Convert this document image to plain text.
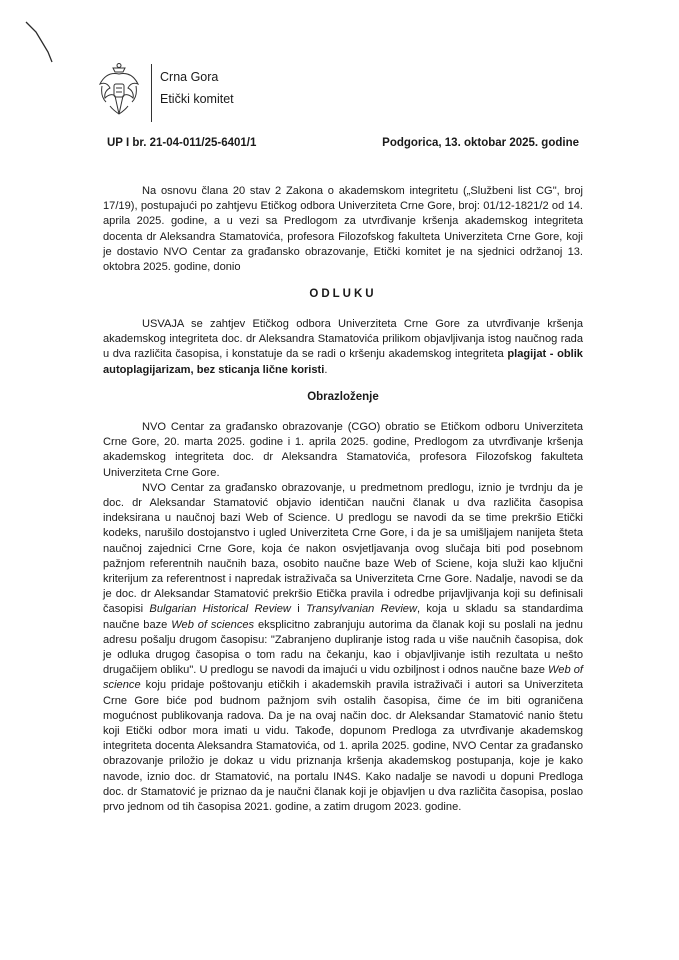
Crna Gora
Etički komitet
UP I br. 21-04-011/25-6401/1	Podgorica, 13. oktobar 2025. godine

Na osnovu člana 20 stav 2 Zakona o akademskom integritetu („Službeni list CG", broj 17/19), postupajući po zahtjevu Etičkog odbora Univerziteta Crne Gore, broj: 01/12-1821/2 od 14. aprila 2025. godine, a u vezi sa Predlogom za utvrđivanje kršenja akademskog integriteta docenta dr Aleksandra Stamatovića, profesora Filozofskog fakulteta Univerziteta Crne Gore, koji je dostavio NVO Centar za građansko obrazovanje, Etički komitet je na sjednici održanoj 13. oktobra 2025. godine, donio

ODLUKU

USVAJA se zahtjev Etičkog odbora Univerziteta Crne Gore za utvrđivanje kršenja akademskog integriteta doc. dr Aleksandra Stamatovića prilikom objavljivanja istog naučnog rada u dva različita časopisa, i konstatuje da se radi o kršenju akademskog integriteta plagijat - oblik autoplagijarizam, bez sticanja lične koristi.

Obrazloženje

NVO Centar za građansko obrazovanje (CGO) obratio se Etičkom odboru Univerziteta Crne Gore, 20. marta 2025. godine i 1. aprila 2025. godine, Predlogom za utvrđivanje kršenja akademskog integriteta doc. dr Aleksandra Stamatovića, profesora Filozofskog fakulteta Univerziteta Crne Gore.

NVO Centar za građansko obrazovanje, u predmetnom predlogu, iznio je tvrdnju da je doc. dr Aleksandar Stamatović objavio identičan naučni članak u dva različita časopisa indeksirana u naučnoj bazi Web of Science. U predlogu se navodi da se time prekršio Etički kodeks, narušilo dostojanstvo i ugled Univerziteta Crne Gore, i da je sa umišljajem nanijeta šteta naučnoj zajednici Crne Gore, koja će nakon osvjetljavanja ovog slučaja biti pod posebnom pažnjom referentnih naučnih baza, osobito naučne baze Web of Sciene, koja služi kao ključni kriterijum za referentnost i napredak istraživača sa Univerziteta Crne Gore. Nadalje, navodi se da je doc. dr Aleksandar Stamatović prekršio Etička pravila i odredbe prijavljivanja koji su definisali časopisi Bulgarian Historical Review i Transylvanian Review, koja u skladu sa standardima naučne baze Web of sciences eksplicitno zabranjuju autorima da članak koji su poslali na jednu adresu pošalju drugom časopisu: "Zabranjeno dupliranje istog rada u više naučnih časopisa, dok je odluka drugog časopisa o tom radu na čekanju, kao i objavljivanje istih rezultata u nešto drugačijem obliku". U predlogu se navodi da imajući u vidu ozbiljnost i odnos naučne baze Web of science koju pridaje poštovanju etičkih i akademskih pravila istraživači i autori sa Univerziteta Crne Gore biće pod budnom pažnjom svih ostalih časopisa, čime će im biti ograničena mogućnost publikovanja radova. Da je na ovaj način doc. dr Aleksandar Stamatović nanio štetu koji Etički odbor mora imati u vidu. Takođe, dopunom Predloga za utvrđivanje akademskog integriteta docenta Aleksandra Stamatovića, od 1. aprila 2025. godine, NVO Centar za građansko obrazovanje priložio je dokaz u vidu priznanja kršenja akademskog postupanja, koje je kako navode, iznio doc. dr Stamatović, na portalu IN4S. Kako nadalje se navodi u dopuni Predloga doc. dr Stamatović je priznao da je naučni članak koji je objavljen u dva različita časopisa, poslao prvo jednom od tih časopisa 2021. godine, a zatim drugom 2023. godine.
